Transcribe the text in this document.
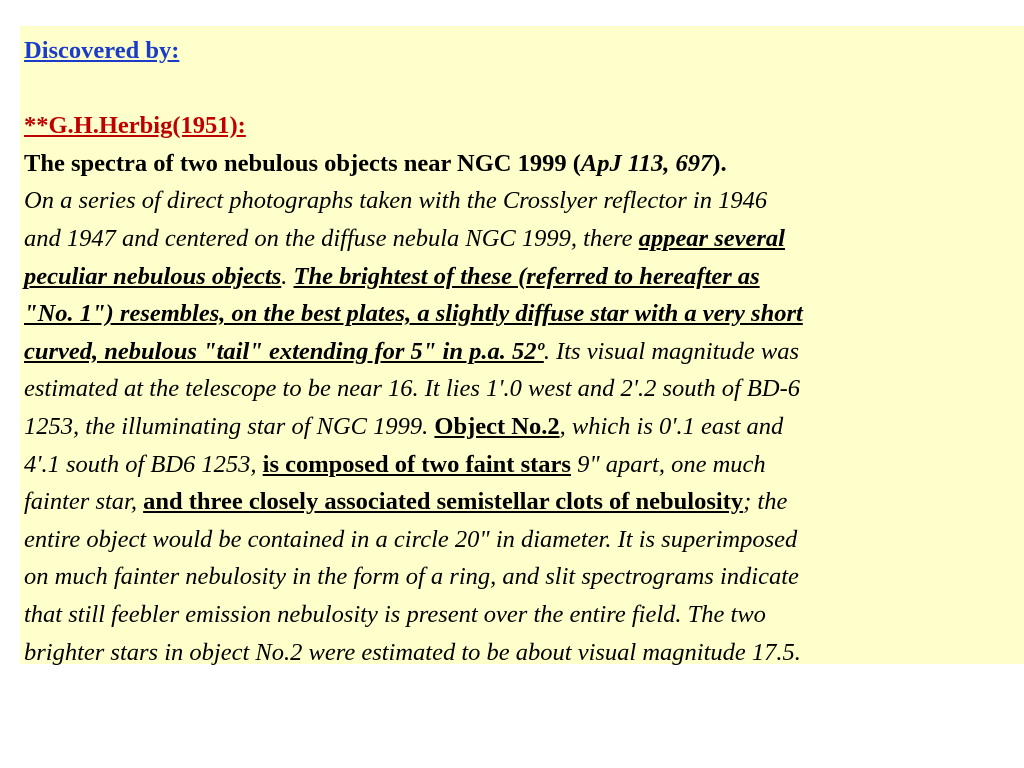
Discovered by:
**G.H.Herbig(1951):
The spectra of two nebulous objects near NGC 1999 (ApJ 113, 697).
On a series of direct photographs taken with the Crosslyer reflector in 1946
and 1947 and centered on the diffuse nebula NGC 1999, there appear several
peculiar nebulous objects. The brightest of these (referred to hereafter as
"No. 1") resembles, on the best plates, a slightly diffuse star with a very short
curved, nebulous "tail" extending for 5" in p.a. 52º. Its visual magnitude was
estimated at the telescope to be near 16. It lies 1'.0 west and 2'.2 south of BD-6
1253, the illuminating star of NGC 1999. Object No.2, which is 0'.1 east and
4'.1 south of BD6 1253, is composed of two faint stars 9" apart, one much
fainter star, and three closely associated semistellar clots of nebulosity; the
entire object would be contained in a circle 20" in diameter. It is superimposed
on much fainter nebulosity in the form of a ring, and slit spectrograms indicate
that still feebler emission nebulosity is present over the entire field. The two
brighter stars in object No.2 were estimated to be about visual magnitude 17.5.
